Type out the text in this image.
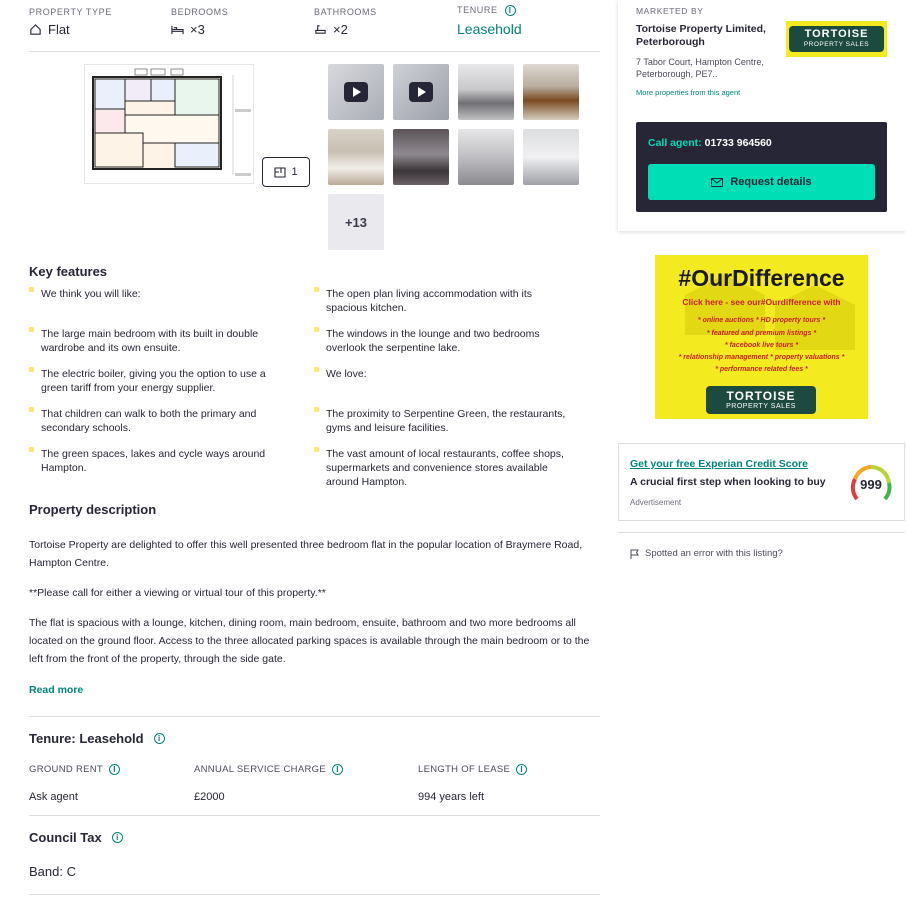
PROPERTY TYPE
Flat
BEDROOMS
×3
BATHROOMS
×2
TENURE I
Leasehold
1
+13
Key features
We think you will like:
The large main bedroom with its built in double wardrobe and its own ensuite.
The electric boiler, giving you the option to use a green tariff from your energy supplier.
That children can walk to both the primary and secondary schools.
The green spaces, lakes and cycle ways around Hampton.
The open plan living accommodation with its spacious kitchen.
The windows in the lounge and two bedrooms overlook the serpentine lake.
We love:
The proximity to Serpentine Green, the restaurants, gyms and leisure facilities.
The vast amount of local restaurants, coffee shops, supermarkets and convenience stores available around Hampton.
Property description

Tortoise Property are delighted to offer this well presented three bedroom flat in the popular location of Braymere Road, Hampton Centre.

**Please call for either a viewing or virtual tour of this property.**

The flat is spacious with a lounge, kitchen, dining room, main bedroom, ensuite, bathroom and two more bedrooms all located on the ground floor. Access to the three allocated parking spaces is available through the main bedroom or to the left from the front of the property, through the side gate.

Read more
Tenure: Leasehold	i
GROUND RENT	I
Ask agent
ANNUAL SERVICE CHARGE	I
£2000
LENGTH OF LEASE	I
994 years left
Council Tax	i
Band: C
MARKETED BY
Tortoise Property Limited, Peterborough
7 Tabor Court, Hampton Centre, Peterborough, PE7..
More properties from this agent
TORTOISE
PROPERTY SALES
Call agent: 01733 964560
Request details
#OurDifference
Click here - see our#Ourdifference with
* online auctions * HD property tours *
* featured and premium listings *
* facebook live tours *
* relationship management * property valuations *
* performance related fees *
TORTOISE
PROPERTY SALES
Get your free Experian Credit Score
A crucial first step when looking to buy
Advertisement
999
Spotted an error with this listing?
